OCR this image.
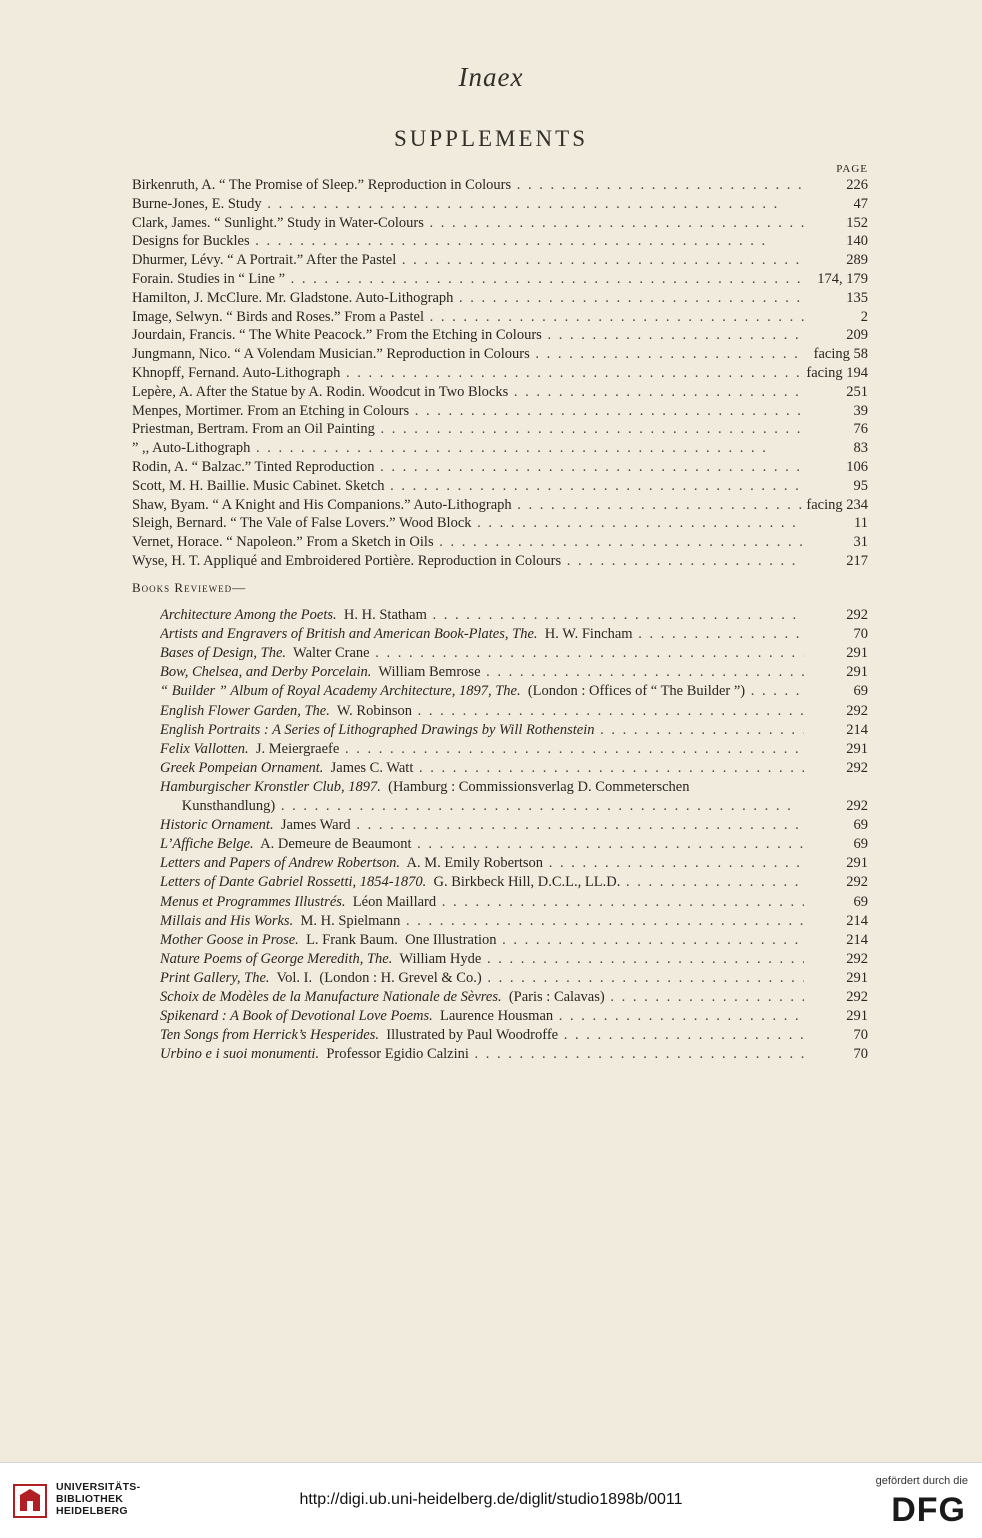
Inaex
SUPPLEMENTS
PAGE
Birkenruth, A. “ The Promise of Sleep.” Reproduction in Colours . .	226
Burne-Jones, E. Study . .	47
Clark, James. “ Sunlight.” Study in Water-Colours . .	152
Designs for Buckles . .	140
Dhurmer, Lévy. “ A Portrait.” After the Pastel . .	289
Forain. Studies in “ Line ” . .	174, 179
Hamilton, J. McClure. Mr. Gladstone. Auto-Lithograph . .	135
Image, Selwyn. “ Birds and Roses.” From a Pastel . .	2
Jourdain, Francis. “ The White Peacock.” From the Etching in Colours . .	209
Jungmann, Nico. “ A Volendam Musician.” Reproduction in Colours . .	facing 58
Khnopff, Fernand. Auto-Lithograph . .	facing 194
Lepère, A. After the Statue by A. Rodin. Woodcut in Two Blocks . .	251
Menpes, Mortimer. From an Etching in Colours . .	39
Priestman, Bertram. From an Oil Painting . .	76
” ,, Auto-Lithograph . .	83
Rodin, A. “ Balzac.” Tinted Reproduction . .	106
Scott, M. H. Baillie. Music Cabinet. Sketch . .	95
Shaw, Byam. “ A Knight and His Companions.” Auto-Lithograph . .	facing 234
Sleigh, Bernard. “ The Vale of False Lovers.” Wood Block . .	11
Vernet, Horace. “ Napoleon.” From a Sketch in Oils . .	31
Wyse, H. T. Appliqué and Embroidered Portière. Reproduction in Colours . .	217
Books Reviewed—
Architecture Among the Poets.  H. H. Statham . .	292
Artists and Engravers of British and American Book-Plates, The.  H. W. Fincham . .	70
Bases of Design, The.  Walter Crane . .	291
Bow, Chelsea, and Derby Porcelain.  William Bemrose . .	291
“ Builder ” Album of Royal Academy Architecture, 1897, The.  (London : Offices of “ The Builder ”) . .	69
English Flower Garden, The.  W. Robinson . .	292
English Portraits : A Series of Lithographed Drawings by Will Rothenstein . .	214
Felix Vallotten.  J. Meiergraefe . .	291
Greek Pompeian Ornament.  James C. Watt . .	292
Hamburgischer Kronstler Club, 1897.  (Hamburg : Commissionsverlag D. Commeterschen
Kunsthandlung) . .	292
Historic Ornament.  James Ward . .	69
L’Affiche Belge.  A. Demeure de Beaumont . .	69
Letters and Papers of Andrew Robertson.  A. M. Emily Robertson . .	291
Letters of Dante Gabriel Rossetti, 1854-1870.  G. Birkbeck Hill, D.C.L., LL.D. . .	292
Menus et Programmes Illustrés.  Léon Maillard . .	69
Millais and His Works.  M. H. Spielmann . .	214
Mother Goose in Prose.  L. Frank Baum.  One Illustration . .	214
Nature Poems of George Meredith, The.  William Hyde . .	292
Print Gallery, The.  Vol. I.  (London : H. Grevel & Co.) . .	291
Schoix de Modèles de la Manufacture Nationale de Sèvres.  (Paris : Calavas) . .	292
Spikenard : A Book of Devotional Love Poems.  Laurence Housman . .	291
Ten Songs from Herrick’s Hesperides.  Illustrated by Paul Woodroffe . .	70
Urbino e i suoi monumenti.  Professor Egidio Calzini . .	70
UNIVERSITÄTS-
BIBLIOTHEK
HEIDELBERG
http://digi.ub.uni-heidelberg.de/diglit/studio1898b/0011
gefördert durch die
DFG
